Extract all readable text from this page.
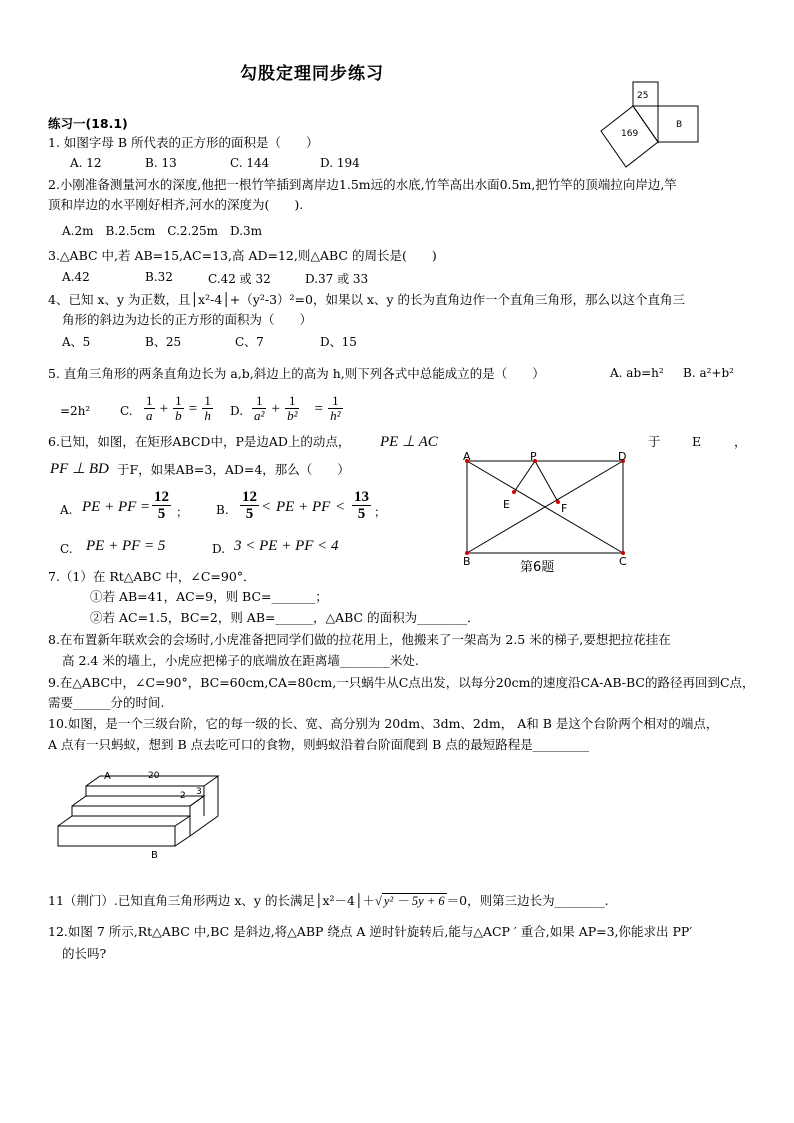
勾股定理同步练习
25
B
169
练习一(18.1)
1. 如图字母 B 所代表的正方形的面积是（　　）
A. 12	B. 13	C. 144	D. 194
2.小刚准备测量河水的深度,他把一根竹竿插到离岸边1.5m远的水底,竹竿高出水面0.5m,把竹竿的顶端拉向岸边,竿
顶和岸边的水平刚好相齐,河水的深度为(　　).
A.2m　B.2.5cm　C.2.25m　D.3m
3.△ABC 中,若 AB=15,AC=13,高 AD=12,则△ABC 的周长是(　　)
A.42	B.32	C.42 或 32	D.37 或 33
4、已知 x、y 为正数，且│x²-4│+（y²-3）²=0，如果以 x、y 的长为直角边作一个直角三角形，那么以这个直角三
角形的斜边为边长的正方形的面积为（　　）
A、5	B、25	C、7	D、15
5. 直角三角形的两条直角边长为 a,b,斜边上的高为 h,则下列各式中总能成立的是（　　）	A. ab=h² B. a²+b²
=2h² C. $\frac{1}{a} + \frac{1}{b} = \frac{1}{h} D$. $\frac{1}{\text{a²}} + \frac{1}{\text{b²}} = \frac{1}{\text{h²}}$
6.已知，如图，在矩形ABCD中，P是边AD上的动点， PE ⊥ AC	于	E	，
PF ⊥ BD 于F，如果AB=3，AD=4，那么（　　）
A. PE + PF = $\frac{12}{5}$ ； B. $\frac{12}{5}$ < PE + PF < $\frac{13}{5}$ ；
C. PE + PF = 5	D. 3 < PE + PF < 4
A	P	D
E	F
B	C
第6题
7.（1）在 Rt△ABC 中，∠C=90°．
①若 AB=41，AC=9，则 BC=_______；
②若 AC=1.5，BC=2，则 AB=______，△ABC 的面积为________．
8.在布置新年联欢会的会场时,小虎准备把同学们做的拉花用上，他搬来了一架高为 2.5 米的梯子,要想把拉花挂在
高 2.4 米的墙上，小虎应把梯子的底端放在距离墙________米处.
9.在△ABC中，∠C=90°，BC=60cm,CA=80cm,一只蜗牛从C点出发，以每分20cm的速度沿CA-AB-BC的路径再回到C点，
需要______分的时间.
10.如图，是一个三级台阶，它的每一级的长、宽、高分别为 20dm、3dm、2dm， A和 B 是这个台阶两个相对的端点，
A 点有一只蚂蚁，想到 B 点去吃可口的食物，则蚂蚁沿着台阶面爬到 B 点的最短路程是_________
A	20
2 3
B
11（荆门）.已知直角三角形两边 x、y 的长满足│x²－4│＋√ y² － 5y + 6 ＝0，则第三边长为________.
12.如图 7 所示,Rt△ABC 中,BC 是斜边,将△ABP 绕点 A 逆时针旋转后,能与△ACP ′ 重合,如果 AP=3,你能求出 PP′
的长吗?
